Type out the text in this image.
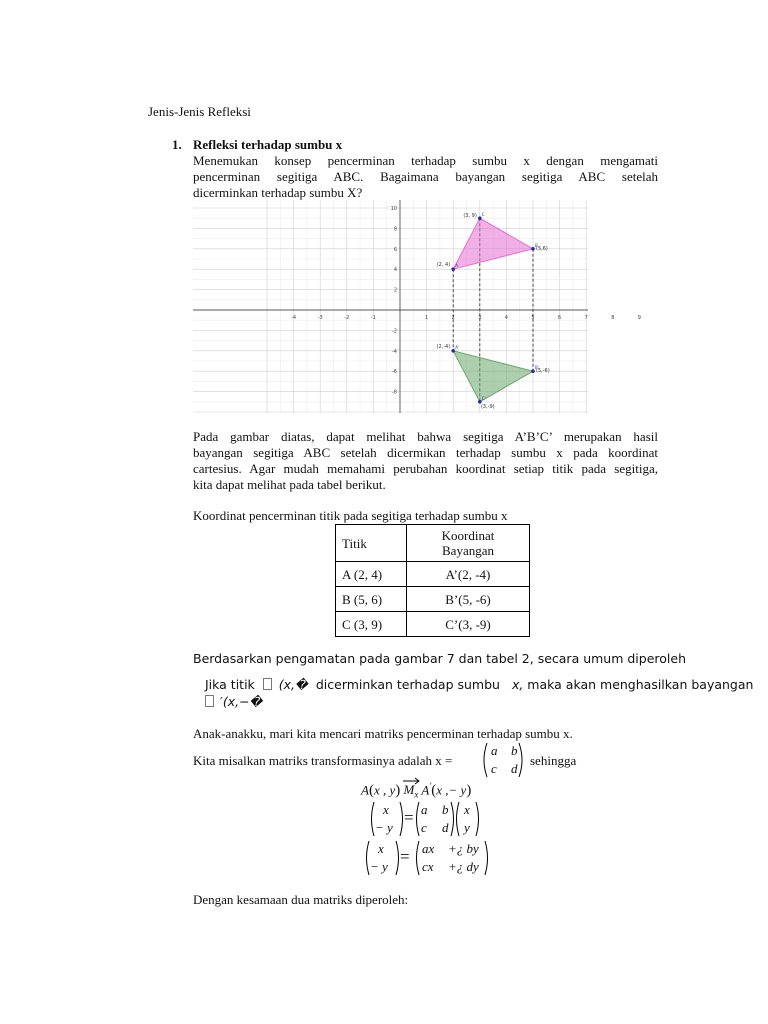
Jenis-Jenis Refleksi
1. Refleksi terhadap sumbu x
Menemukan konsep pencerminan terhadap sumbu x dengan mengamati
pencerminan segitiga ABC. Bagaimana bayangan segitiga ABC setelah
dicerminkan terhadap sumbu X?
-4	-3	-2	-1	1	2	3	4	5	6	7	8	9
10
8
6
4
2
-2
-4
-6
-8
(3, 9) C
(5,6)
B
(2, 4) A
(2,-4) A'
(5,-6)
B'
(3,-9)
C'
Pada gambar diatas, dapat melihat bahwa segitiga A’B’C’ merupakan hasil
bayangan segitiga ABC setelah dicermikan terhadap sumbu x pada koordinat
cartesius. Agar mudah memahami perubahan koordinat setiap titik pada segitiga,
kita dapat melihat pada tabel berikut.
Koordinat pencerminan titik pada segitiga terhadap sumbu x
Titik	Koordinat
Bayangan

A (2, 4)	A’(2, -4)
B (5, 6)	B’(5, -6)
C (3, 9)	C’(3, -9)
Berdasarkan pengamatan pada gambar 7 dan tabel 2, secara umum diperoleh
Jika titik (x,� dicerminkan terhadap sumbu x, maka akan menghasilkan bayangan
′(x,−�
Anak-anakku, mari kita mencari matriks pencerminan terhadap sumbu x.
Kita misalkan matriks transformasinya adalah x =
a b
c d
sehingga
A(x , y) $M_x$ A'(x ,− y)
x
− y
= a b
c d
x
y
x
− y
= ax +¿ by
cx +¿ dy
Dengan kesamaan dua matriks diperoleh:
